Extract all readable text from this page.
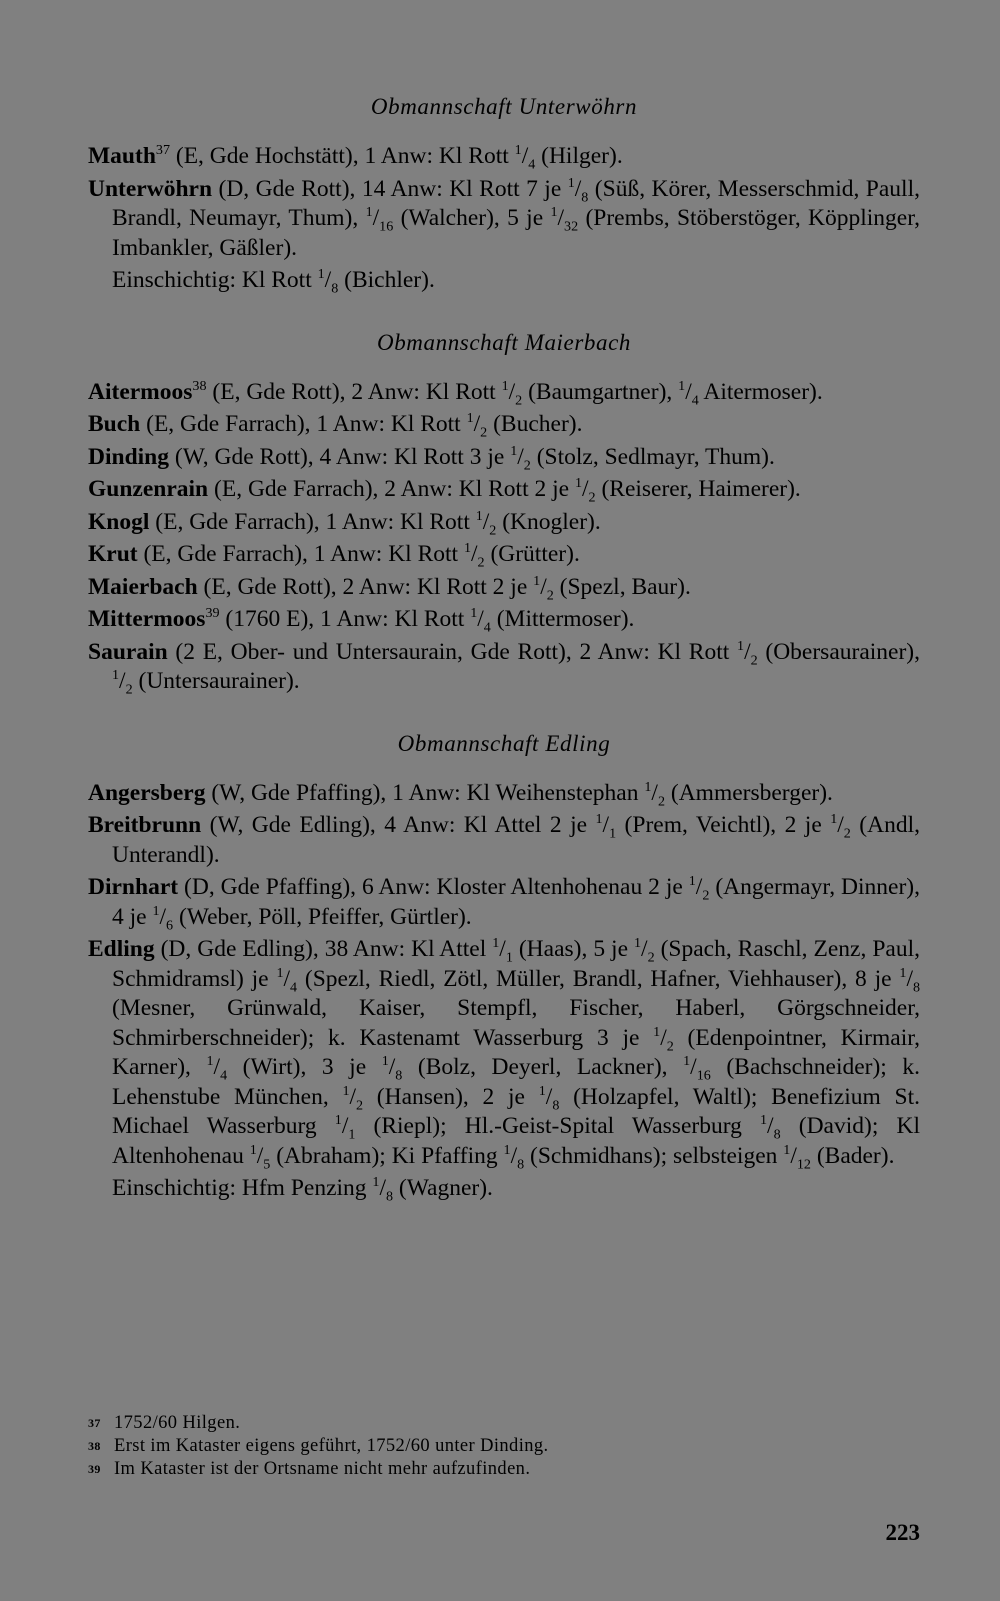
Obmannschaft Unterwöhrn

Mauth$^{37}$ (E, Gde Hochstätt), 1 Anw: Kl Rott $^1/_4$ (Hilger).

Unterwöhrn (D, Gde Rott), 14 Anw: Kl Rott 7 je $^1/_8$ (Süß, Körer, Messerschmid, Paull, Brandl, Neumayr, Thum), $^1/_{16}$ (Walcher), 5 je $^1/_{32}$ (Prembs, Stöberstöger, Köpplinger, Imbankler, Gäßler).

Einschichtig: Kl Rott $^1/_8$ (Bichler).

Obmannschaft Maierbach

Aitermoos$^{38}$ (E, Gde Rott), 2 Anw: Kl Rott $^1/_2$ (Baumgartner), $^1/_4$ Aitermoser).

Buch (E, Gde Farrach), 1 Anw: Kl Rott $^1/_2$ (Bucher).

Dinding (W, Gde Rott), 4 Anw: Kl Rott 3 je $^1/_2$ (Stolz, Sedlmayr, Thum).

Gunzenrain (E, Gde Farrach), 2 Anw: Kl Rott 2 je $^1/_2$ (Reiserer, Haimerer).

Knogl (E, Gde Farrach), 1 Anw: Kl Rott $^1/_2$ (Knogler).

Krut (E, Gde Farrach), 1 Anw: Kl Rott $^1/_2$ (Grütter).

Maierbach (E, Gde Rott), 2 Anw: Kl Rott 2 je $^1/_2$ (Spezl, Baur).

Mittermoos$^{39}$ (1760 E), 1 Anw: Kl Rott $^1/_4$ (Mittermoser).

Saurain (2 E, Ober- und Untersaurain, Gde Rott), 2 Anw: Kl Rott $^1/_2$ (Obersaurainer), $^1/_2$ (Untersaurainer).

Obmannschaft Edling

Angersberg (W, Gde Pfaffing), 1 Anw: Kl Weihenstephan $^1/_2$ (Ammersberger).

Breitbrunn (W, Gde Edling), 4 Anw: Kl Attel 2 je $^1/_1$ (Prem, Veichtl), 2 je $^1/_2$ (Andl, Unterandl).

Dirnhart (D, Gde Pfaffing), 6 Anw: Kloster Altenhohenau 2 je $^1/_2$ (Angermayr, Dinner), 4 je $^1/_6$ (Weber, Pöll, Pfeiffer, Gürtler).

Edling (D, Gde Edling), 38 Anw: Kl Attel $^1/_1$ (Haas), 5 je $^1/_2$ (Spach, Raschl, Zenz, Paul, Schmidramsl) je $^1/_4$ (Spezl, Riedl, Zötl, Müller, Brandl, Hafner, Viehhauser), 8 je $^1/_8$ (Mesner, Grünwald, Kaiser, Stempfl, Fischer, Haberl, Görgschneider, Schmirberschneider); k. Kastenamt Wasserburg 3 je $^1/_2$ (Edenpointner, Kirmair, Karner), $^1/_4$ (Wirt), 3 je $^1/_8$ (Bolz, Deyerl, Lackner), $^1/_{16}$ (Bachschneider); k. Lehenstube München, $^1/_2$ (Hansen), 2 je $^1/_8$ (Holzapfel, Waltl); Benefizium St. Michael Wasserburg $^1/_1$ (Riepl); Hl.-Geist-Spital Wasserburg $^1/_8$ (David); Kl Altenhohenau $^1/_5$ (Abraham); Ki Pfaffing $^1/_8$ (Schmidhans); selbsteigen $^1/_{12}$ (Bader).

Einschichtig: Hfm Penzing $^1/_8$ (Wagner).

37 1752/60 Hilgen.
38 Erst im Kataster eigens geführt, 1752/60 unter Dinding.
39 Im Kataster ist der Ortsname nicht mehr aufzufinden.
223
